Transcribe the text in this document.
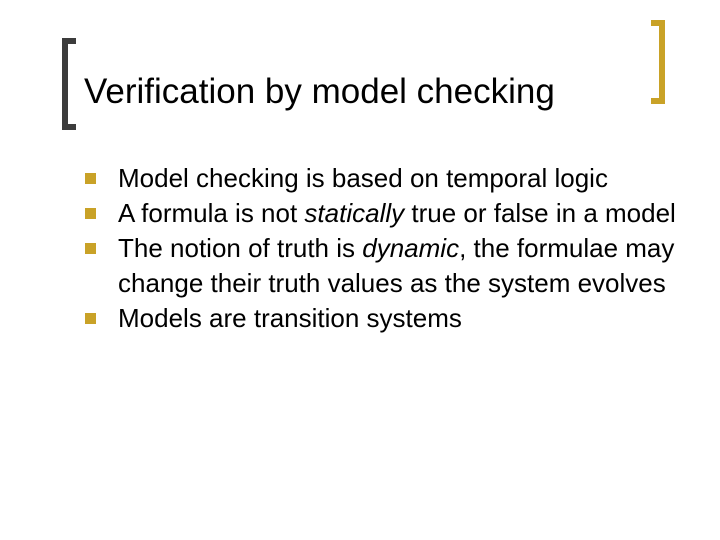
Verification by model checking
Model checking is based on temporal logic
A formula is not statically true or false in a model
The notion of truth is dynamic, the formulae may change their truth values as the system evolves
Models are transition systems
